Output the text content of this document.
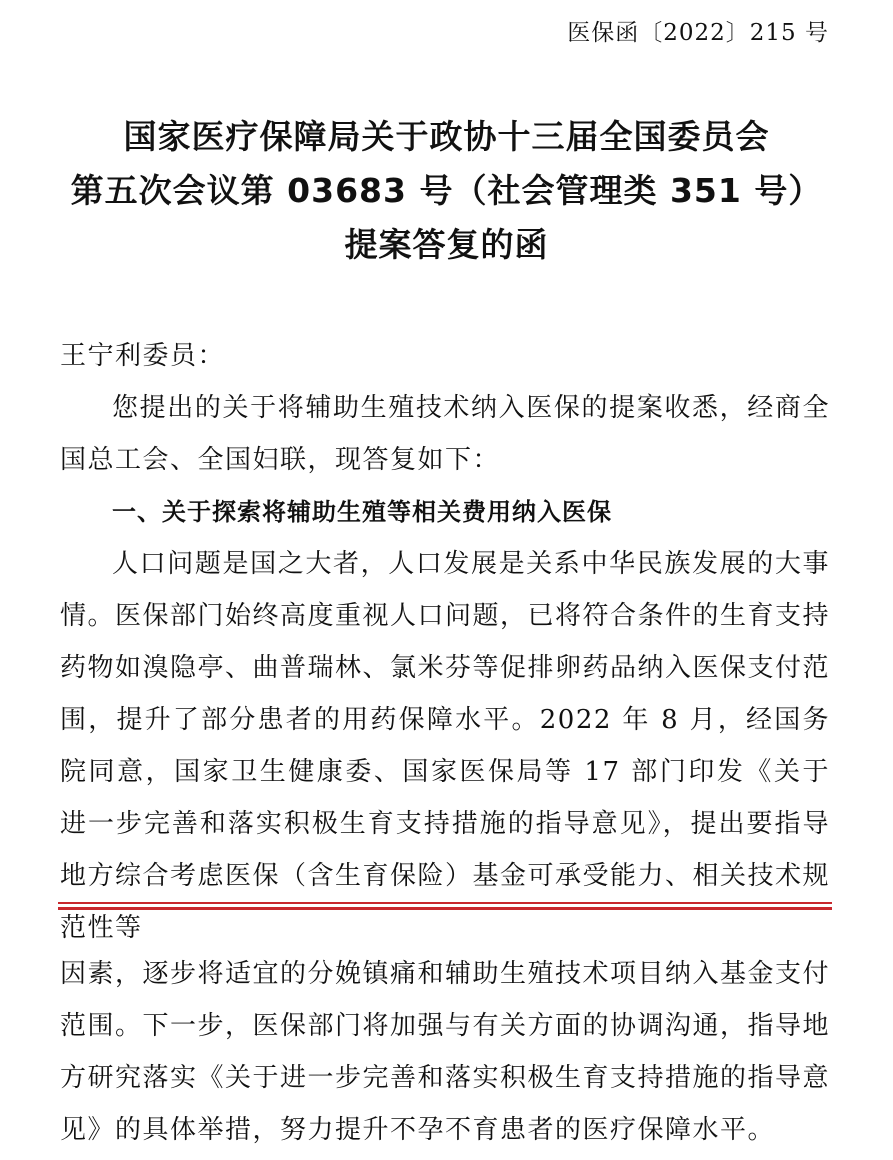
医保函〔2022〕215 号
国家医疗保障局关于政协十三届全国委员会
第五次会议第 03683 号（社会管理类 351 号）
提案答复的函
王宁利委员：

您提出的关于将辅助生殖技术纳入医保的提案收悉，经商全国总工会、全国妇联，现答复如下：

一、关于探索将辅助生殖等相关费用纳入医保

人口问题是国之大者，人口发展是关系中华民族发展的大事情。医保部门始终高度重视人口问题，已将符合条件的生育支持药物如溴隐亭、曲普瑞林、氯米芬等促排卵药品纳入医保支付范围，提升了部分患者的用药保障水平。2022 年 8 月，经国务院同意，国家卫生健康委、国家医保局等 17 部门印发《关于进一步完善和落实积极生育支持措施的指导意见》，提出要指导地方综合考虑医保（含生育保险）基金可承受能力、相关技术规范性等

因素，逐步将适宜的分娩镇痛和辅助生殖技术项目纳入基金支付范围。下一步，医保部门将加强与有关方面的协调沟通，指导地方研究落实《关于进一步完善和落实积极生育支持措施的指导意见》的具体举措，努力提升不孕不育患者的医疗保障水平。
